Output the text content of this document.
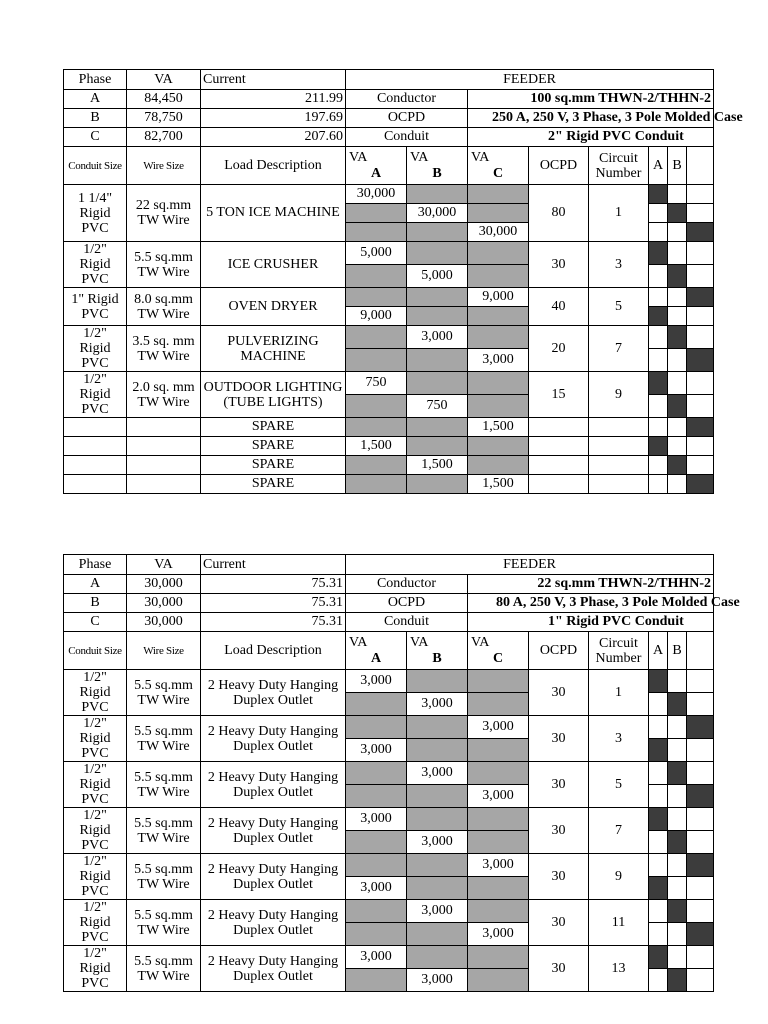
Phase	VA	Current	FEEDER							
A	84,450	211.99	Conductor		100 sq.mm THWN-2/THHN-2					
B	78,750	197.69	OCPD		250 A, 250 V, 3 Phase, 3 Pole Molded Case					
C	82,700	207.60	Conduit		2" Rigid PVC Conduit					
Conduit Size	Wire Size	Load Description	VA
A	VA
B	VA
C	OCPD	Circuit Number	A	B	
1 1/4" Rigid PVC	22 sq.mm TW Wire	5 TON ICE MACHINE	30,000			80	1			
				30,000						
					30,000					
1/2" Rigid PVC	5.5 sq.mm TW Wire	ICE CRUSHER	5,000			30	3			
				5,000						
1" Rigid PVC	8.0 sq.mm TW Wire	OVEN DRYER			9,000	40	5			
			9,000							
1/2" Rigid PVC	3.5 sq. mm TW Wire	PULVERIZING MACHINE		3,000		20	7			
					3,000					
1/2" Rigid PVC	2.0 sq. mm TW Wire	OUTDOOR LIGHTING (TUBE LIGHTS)	750			15	9			
				750						
		SPARE			1,500					
		SPARE	1,500							
		SPARE		1,500						
		SPARE			1,500					
Phase	VA	Current	FEEDER							
A	30,000	75.31	Conductor		22 sq.mm THWN-2/THHN-2					
B	30,000	75.31	OCPD		80 A, 250 V, 3 Phase, 3 Pole Molded Case					
C	30,000	75.31	Conduit		1" Rigid PVC Conduit					
Conduit Size	Wire Size	Load Description	VA
A	VA
B	VA
C	OCPD	Circuit Number	A	B	
1/2" Rigid PVC	5.5 sq.mm TW Wire	2 Heavy Duty Hanging Duplex Outlet	3,000			30	1			
				3,000						
1/2" Rigid PVC	5.5 sq.mm TW Wire	2 Heavy Duty Hanging Duplex Outlet			3,000	30	3			
			3,000							
1/2" Rigid PVC	5.5 sq.mm TW Wire	2 Heavy Duty Hanging Duplex Outlet		3,000		30	5			
					3,000					
1/2" Rigid PVC	5.5 sq.mm TW Wire	2 Heavy Duty Hanging Duplex Outlet	3,000			30	7			
				3,000						
1/2" Rigid PVC	5.5 sq.mm TW Wire	2 Heavy Duty Hanging Duplex Outlet			3,000	30	9			
			3,000							
1/2" Rigid PVC	5.5 sq.mm TW Wire	2 Heavy Duty Hanging Duplex Outlet		3,000		30	11			
					3,000					
1/2" Rigid PVC	5.5 sq.mm TW Wire	2 Heavy Duty Hanging Duplex Outlet	3,000			30	13			
				3,000						
